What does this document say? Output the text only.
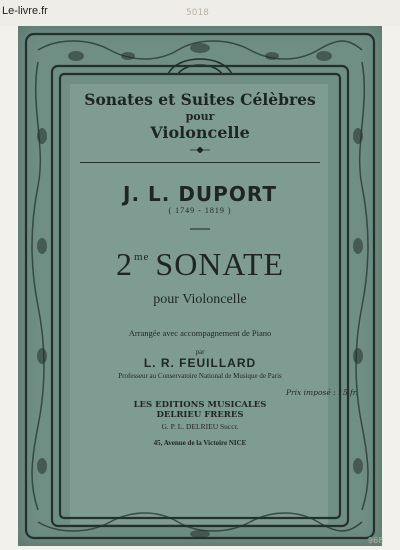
Le-livre.fr	5018
Sonates et Suites Célèbres
pour
Violoncelle
J. L. DUPORT
( 1749 - 1819 )
$2^{me}$ SONATE
pour Violoncelle
Arrangée avec accompagnement de Piano
par
L. R. FEUILLARD
Professeur au Conservatoire National de Musique de Paris
Prix imposé : 15 fr.
LES EDITIONS MUSICALES
DELRIEU FRERES
G. P. L. DELRIEU Succr.
45, Avenue de la Victoire NICE
968
